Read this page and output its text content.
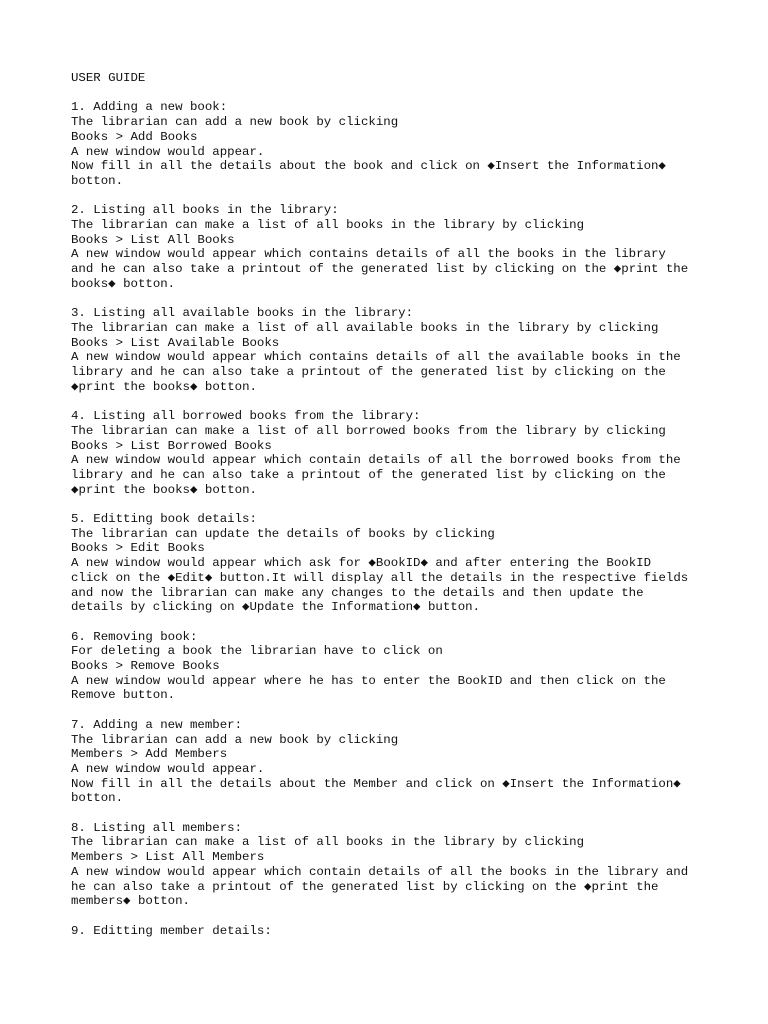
USER GUIDE
1. Adding a new book:
The librarian can add a new book by clicking
Books > Add Books
A new window would appear.
Now fill in all the details about the book and click on ◆Insert the Information◆
botton.
2. Listing all books in the library:
The librarian can make a list of all books in the library by clicking
Books > List All Books
A new window would appear which contains details of all the books in the library
and he can also take a printout of the generated list by clicking on the ◆print the
books◆ botton.
3. Listing all available books in the library:
The librarian can make a list of all available books in the library by clicking
Books > List Available Books
A new window would appear which contains details of all the available books in the
library and he can also take a printout of the generated list by clicking on the
◆print the books◆ botton.
4. Listing all borrowed books from the library:
The librarian can make a list of all borrowed books from the library by clicking
Books > List Borrowed Books
A new window would appear which contain details of all the borrowed books from the
library and he can also take a printout of the generated list by clicking on the
◆print the books◆ botton.
5. Editting book details:
The librarian can update the details of books by clicking
Books > Edit Books
A new window would appear which ask for ◆BookID◆ and after entering the BookID
click on the ◆Edit◆ button.It will display all the details in the respective fields
and now the librarian can make any changes to the details and then update the
details by clicking on ◆Update the Information◆ button.
6. Removing book:
For deleting a book the librarian have to click on
Books > Remove Books
A new window would appear where he has to enter the BookID and then click on the
Remove button.
7. Adding a new member:
The librarian can add a new book by clicking
Members > Add Members
A new window would appear.
Now fill in all the details about the Member and click on ◆Insert the Information◆
botton.
8. Listing all members:
The librarian can make a list of all books in the library by clicking
Members > List All Members
A new window would appear which contain details of all the books in the library and
he can also take a printout of the generated list by clicking on the ◆print the
members◆ botton.
9. Editting member details:
